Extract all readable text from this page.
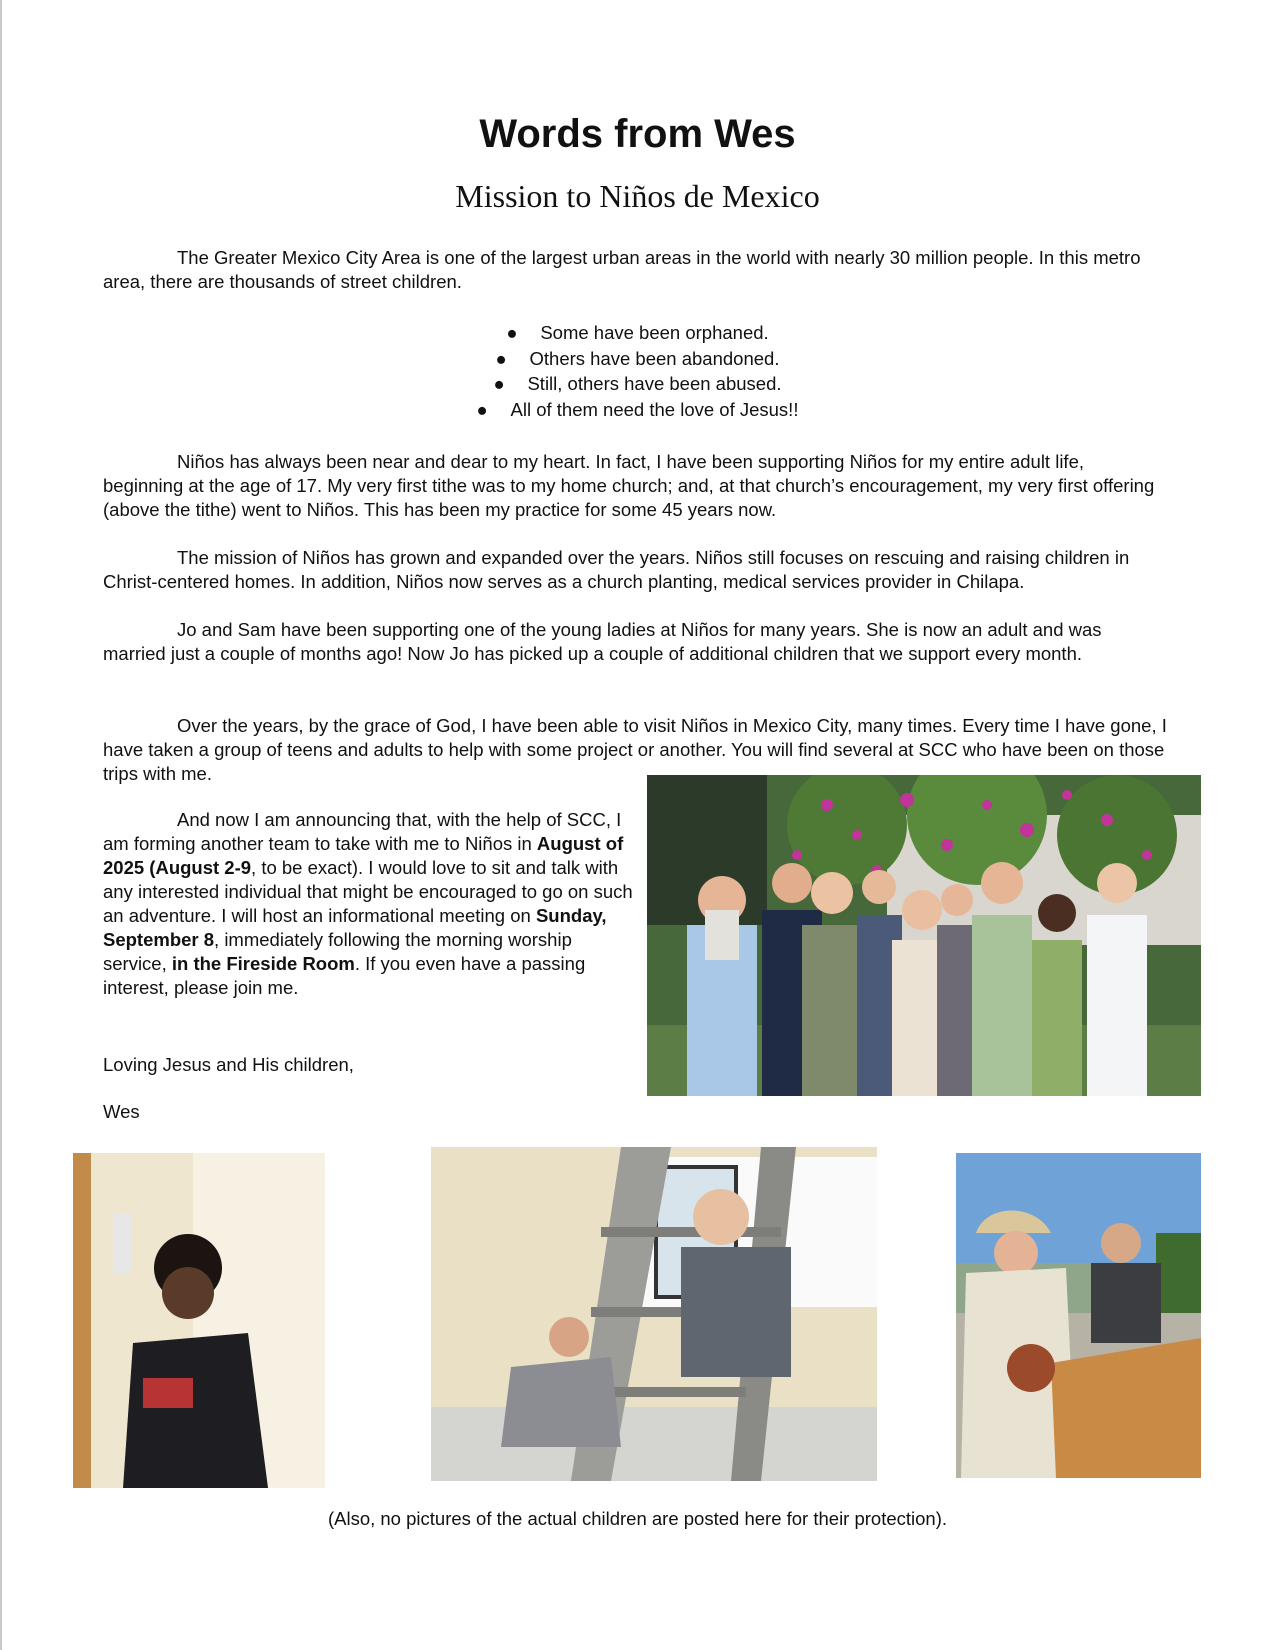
Words from Wes
Mission to Niños de Mexico

The Greater Mexico City Area is one of the largest urban areas in the world with nearly 30 million people. In this metro area, there are thousands of street children.

● Some have been orphaned.
● Others have been abandoned.
● Still, others have been abused.
● All of them need the love of Jesus!!

Niños has always been near and dear to my heart. In fact, I have been supporting Niños for my entire adult life, beginning at the age of 17. My very first tithe was to my home church; and, at that church’s encouragement, my very first offering (above the tithe) went to Niños. This has been my practice for some 45 years now.

The mission of Niños has grown and expanded over the years. Niños still focuses on rescuing and raising children in Christ-centered homes. In addition, Niños now serves as a church planting, medical services provider in Chilapa.

Jo and Sam have been supporting one of the young ladies at Niños for many years. She is now an adult and was married just a couple of months ago! Now Jo has picked up a couple of additional children that we support every month.

Over the years, by the grace of God, I have been able to visit Niños in Mexico City, many times. Every time I have gone, I have taken a group of teens and adults to help with some project or another. You will find several at SCC who have been on those trips with me.

And now I am announcing that, with the help of SCC, I am forming another team to take with me to Niños in August of 2025 (August 2-9, to be exact). I would love to sit and talk with any interested individual that might be encouraged to go on such an adventure. I will host an informational meeting on Sunday, September 8, immediately following the morning worship service, in the Fireside Room. If you even have a passing interest, please join me.

Loving Jesus and His children,

Wes

(Also, no pictures of the actual children are posted here for their protection).
